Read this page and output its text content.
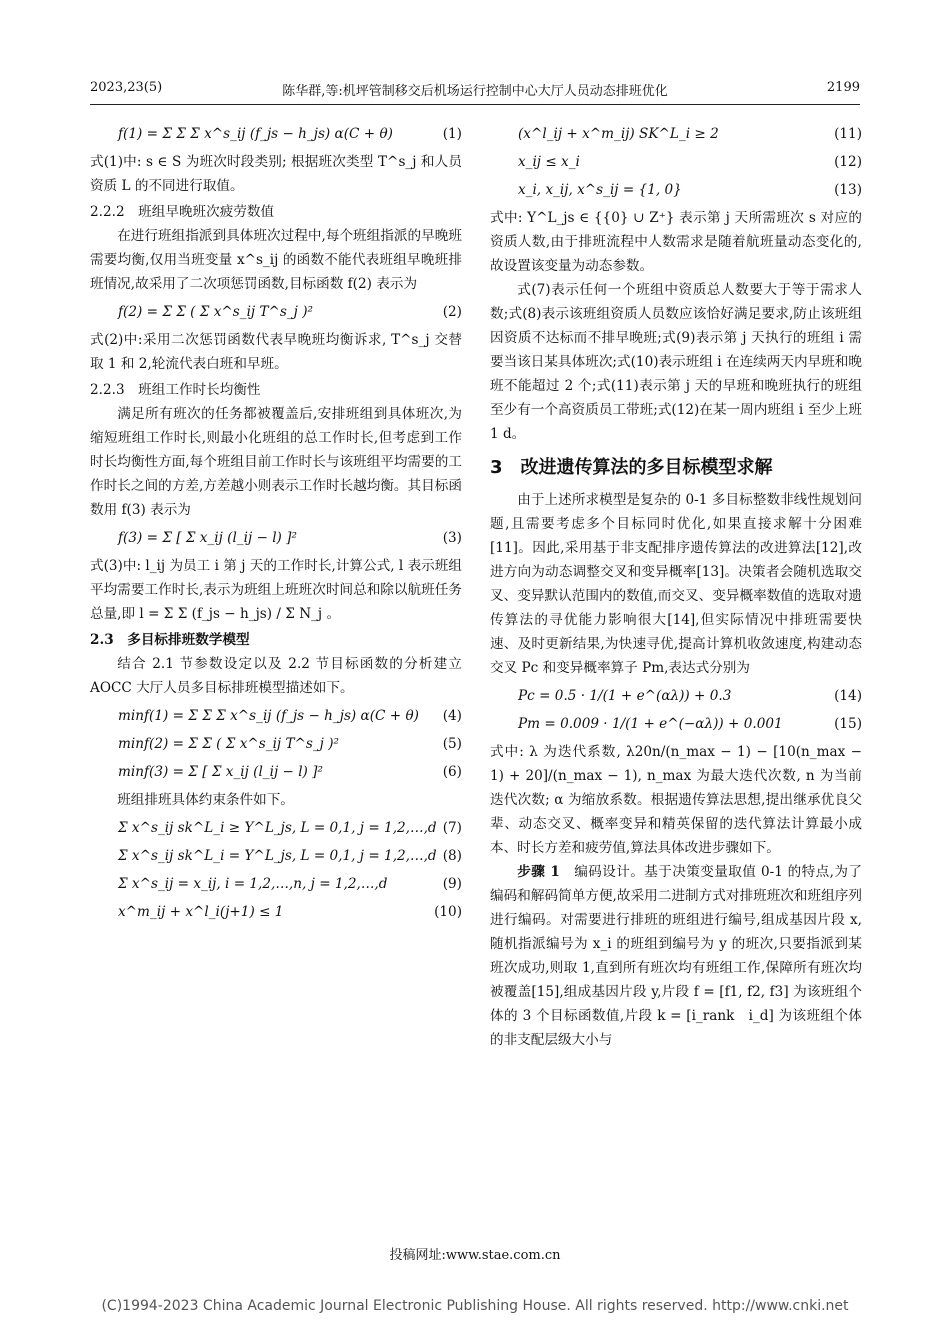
2023,23(5)	陈华群,等:机坪管制移交后机场运行控制中心大厅人员动态排班优化	2199
f(1) = Σ Σ Σ x^s_ij (f_js − h_js) α(C + θ)	(1)

式(1)中: s ∈ S 为班次时段类别; 根据班次类型 T^s_j 和人员资质 L 的不同进行取值。

2.2.2　班组早晚班次疲劳数值

在进行班组指派到具体班次过程中,每个班组指派的早晚班需要均衡,仅用当班变量 x^s_ij 的函数不能代表班组早晚班排班情况,故采用了二次项惩罚函数,目标函数 f(2) 表示为

f(2) = Σ Σ ( Σ x^s_ij T^s_j )²	(2)

式(2)中:采用二次惩罚函数代表早晚班均衡诉求, T^s_j 交替取 1 和 2,轮流代表白班和早班。

2.2.3　班组工作时长均衡性

满足所有班次的任务都被覆盖后,安排班组到具体班次,为缩短班组工作时长,则最小化班组的总工作时长,但考虑到工作时长均衡性方面,每个班组目前工作时长与该班组平均需要的工作时长之间的方差,方差越小则表示工作时长越均衡。其目标函数用 f(3) 表示为

f(3) = Σ [ Σ x_ij (l_ij − l) ]²	(3)

式(3)中: l_ij 为员工 i 第 j 天的工作时长,计算公式, l 表示班组平均需要工作时长,表示为班组上班班次时间总和除以航班任务总量,即 l = Σ Σ (f_js − h_js) / Σ N_j 。

2.3　多目标排班数学模型

结合 2.1 节参数设定以及 2.2 节目标函数的分析建立 AOCC 大厅人员多目标排班模型描述如下。

minf(1) = Σ Σ Σ x^s_ij (f_js − h_js) α(C + θ) (4)
minf(2) = Σ Σ ( Σ x^s_ij T^s_j )²	(5)
minf(3) = Σ [ Σ x_ij (l_ij − l) ]²	(6)

班组排班具体约束条件如下。

Σ x^s_ij sk^L_i ≥ Y^L_js, L = 0,1, j = 1,2,…,d (7)
Σ x^s_ij sk^L_i = Y^L_js, L = 0,1, j = 1,2,…,d (8)
Σ x^s_ij = x_ij, i = 1,2,…,n, j = 1,2,…,d	(9)
x^m_ij + x^l_i(j+1) ≤ 1	(10)
(x^l_ij + x^m_ij) SK^L_i ≥ 2	(11)
x_ij ≤ x_i	(12)
x_i, x_ij, x^s_ij = {1, 0}	(13)

式中: Y^L_js ∈ {{0} ∪ Z⁺} 表示第 j 天所需班次 s 对应的资质人数,由于排班流程中人数需求是随着航班量动态变化的,故设置该变量为动态参数。

式(7)表示任何一个班组中资质总人数要大于等于需求人数;式(8)表示该班组资质人员数应该恰好满足要求,防止该班组因资质不达标而不排早晚班;式(9)表示第 j 天执行的班组 i 需要当该日某具体班次;式(10)表示班组 i 在连续两天内早班和晚班不能超过 2 个;式(11)表示第 j 天的早班和晚班执行的班组至少有一个高资质员工带班;式(12)在某一周内班组 i 至少上班 1 d。

3　改进遗传算法的多目标模型求解

由于上述所求模型是复杂的 0-1 多目标整数非线性规划问题,且需要考虑多个目标同时优化,如果直接求解十分困难[11]。因此,采用基于非支配排序遗传算法的改进算法[12],改进方向为动态调整交叉和变异概率[13]。决策者会随机选取交叉、变异默认范围内的数值,而交叉、变异概率数值的选取对遗传算法的寻优能力影响很大[14],但实际情况中排班需要快速、及时更新结果,为快速寻优,提高计算机收敛速度,构建动态交叉 Pc 和变异概率算子 Pm,表达式分别为

Pc = 0.5 · 1/(1 + e^(αλ)) + 0.3	(14)
Pm = 0.009 · 1/(1 + e^(−αλ)) + 0.001	(15)

式中: λ 为迭代系数, λ20n/(n_max − 1) − [10(n_max − 1) + 20]/(n_max − 1), n_max 为最大迭代次数, n 为当前迭代次数; α 为缩放系数。根据遗传算法思想,提出继承优良父辈、动态交叉、概率变异和精英保留的迭代算法计算最小成本、时长方差和疲劳值,算法具体改进步骤如下。

步骤 1　 编码设计。基于决策变量取值 0-1 的特点,为了编码和解码简单方便,故采用二进制方式对排班班次和班组序列进行编码。对需要进行排班的班组进行编号,组成基因片段 x,随机指派编号为 x_i 的班组到编号为 y 的班次,只要指派到某班次成功,则取 1,直到所有班次均有班组工作,保障所有班次均被覆盖[15],组成基因片段 y,片段 f = [f1, f2, f3] 为该班组个体的 3 个目标函数值,片段 k = [i_rank　i_d] 为该班组个体的非支配层级大小与

投稿网址:www.stae.com.cn
(C)1994-2023 China Academic Journal Electronic Publishing House. All rights reserved. http://www.cnki.net
